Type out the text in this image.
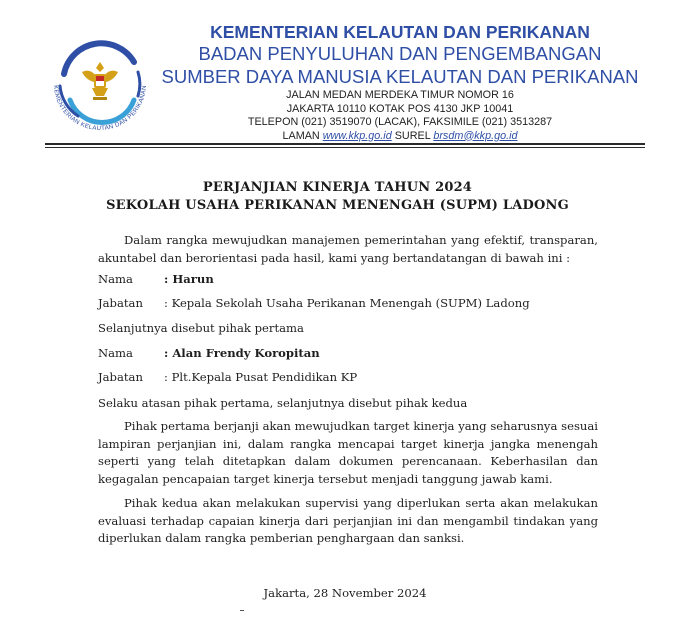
KEMENTERIAN KELAUTAN DAN PERIKANAN
KEMENTERIAN KELAUTAN DAN PERIKANAN
BADAN PENYULUHAN DAN PENGEMBANGAN
SUMBER DAYA MANUSIA KELAUTAN DAN PERIKANAN
JALAN MEDAN MERDEKA TIMUR NOMOR 16
JAKARTA 10110 KOTAK POS 4130 JKP 10041
TELEPON (021) 3519070 (LACAK), FAKSIMILE (021) 3513287
LAMAN www.kkp.go.id SUREL brsdm@kkp.go.id
PERJANJIAN KINERJA TAHUN 2024
SEKOLAH USAHA PERIKANAN MENENGAH (SUPM) LADONG
Dalam rangka mewujudkan manajemen pemerintahan yang efektif, transparan, akuntabel dan berorientasi pada hasil, kami yang bertandatangan di bawah ini :
Nama	: Harun
Jabatan : Kepala Sekolah Usaha Perikanan Menengah (SUPM) Ladong
Selanjutnya disebut pihak pertama
Nama	: Alan Frendy Koropitan
Jabatan : Plt.Kepala Pusat Pendidikan KP
Selaku atasan pihak pertama, selanjutnya disebut pihak kedua
Pihak pertama berjanji akan mewujudkan target kinerja yang seharusnya sesuai lampiran perjanjian ini, dalam rangka mencapai target kinerja jangka menengah seperti yang telah ditetapkan dalam dokumen perencanaan. Keberhasilan dan kegagalan pencapaian target kinerja tersebut menjadi tanggung jawab kami.
Pihak kedua akan melakukan supervisi yang diperlukan serta akan melakukan evaluasi terhadap capaian kinerja dari perjanjian ini dan mengambil tindakan yang diperlukan dalam rangka pemberian penghargaan dan sanksi.
Jakarta, 28 November 2024
